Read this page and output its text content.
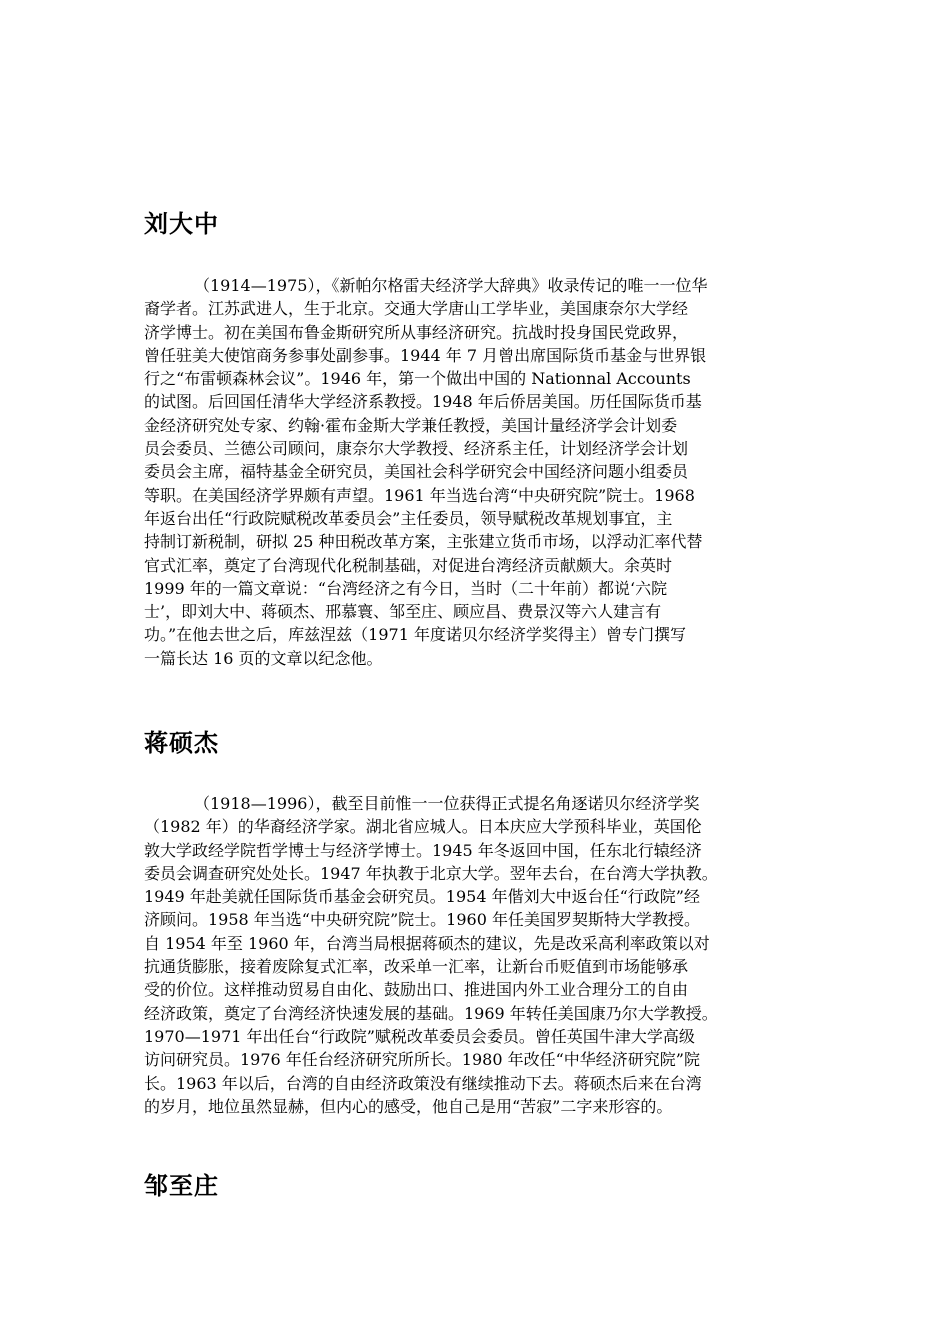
刘大中
（1914—1975），《新帕尔格雷夫经济学大辞典》收录传记的唯一一位华
裔学者。江苏武进人，生于北京。交通大学唐山工学毕业，美国康奈尔大学经
济学博士。初在美国布鲁金斯研究所从事经济研究。抗战时投身国民党政界，
曾任驻美大使馆商务参事处副参事。1944 年 7 月曾出席国际货币基金与世界银
行之“布雷顿森林会议”。1946 年，第一个做出中国的 Nationnal Accounts
的试图。后回国任清华大学经济系教授。1948 年后侨居美国。历任国际货币基
金经济研究处专家、约翰·霍布金斯大学兼任教授，美国计量经济学会计划委
员会委员、兰德公司顾问，康奈尔大学教授、经济系主任，计划经济学会计划
委员会主席，福特基金全研究员，美国社会科学研究会中国经济问题小组委员
等职。在美国经济学界颇有声望。1961 年当选台湾“中央研究院”院士。1968
年返台出任“行政院赋税改革委员会”主任委员，领导赋税改革规划事宜，主
持制订新税制，研拟 25 种田税改革方案，主张建立货币市场，以浮动汇率代替
官式汇率，奠定了台湾现代化税制基础，对促进台湾经济贡献颇大。余英时
1999 年的一篇文章说：“台湾经济之有今日，当时（二十年前）都说‘六院
士’，即刘大中、蒋硕杰、邢慕寰、邹至庄、顾应昌、费景汉等六人建言有
功。”在他去世之后，库兹涅兹（1971 年度诺贝尔经济学奖得主）曾专门撰写
一篇长达 16 页的文章以纪念他。
蒋硕杰
（1918—1996），截至目前惟一一位获得正式提名角逐诺贝尔经济学奖
（1982 年）的华裔经济学家。湖北省应城人。日本庆应大学预科毕业，英国伦
敦大学政经学院哲学博士与经济学博士。1945 年冬返回中国，任东北行辕经济
委员会调查研究处处长。1947 年执教于北京大学。翌年去台，在台湾大学执教。
1949 年赴美就任国际货币基金会研究员。1954 年偕刘大中返台任“行政院”经
济顾问。1958 年当选“中央研究院”院士。1960 年任美国罗契斯特大学教授。
自 1954 年至 1960 年，台湾当局根据蒋硕杰的建议，先是改采高利率政策以对
抗通货膨胀，接着废除复式汇率，改采单一汇率，让新台币贬值到市场能够承
受的价位。这样推动贸易自由化、鼓励出口、推进国内外工业合理分工的自由
经济政策，奠定了台湾经济快速发展的基础。1969 年转任美国康乃尔大学教授。
1970—1971 年出任台“行政院”赋税改革委员会委员。曾任英国牛津大学高级
访问研究员。1976 年任台经济研究所所长。1980 年改任“中华经济研究院”院
长。1963 年以后，台湾的自由经济政策没有继续推动下去。蒋硕杰后来在台湾
的岁月，地位虽然显赫，但内心的感受，他自己是用“苦寂”二字来形容的。
邹至庄
